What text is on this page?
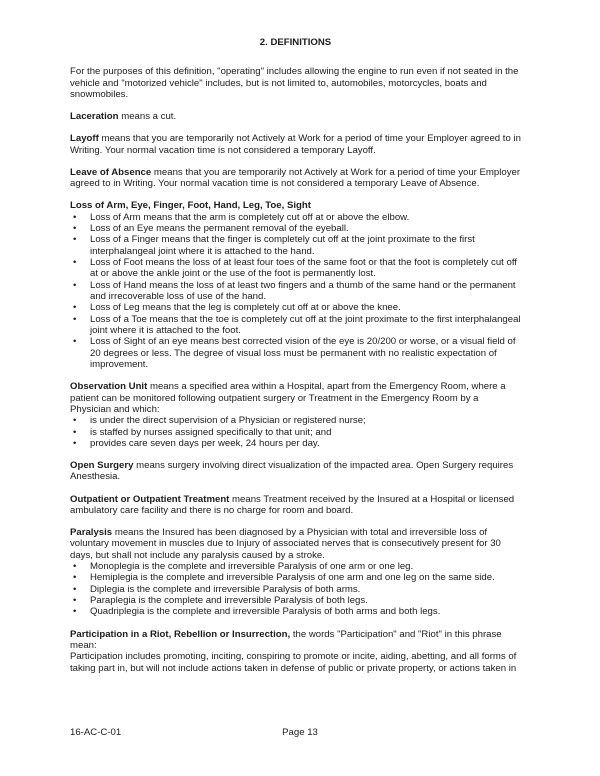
2. DEFINITIONS

For the purposes of this definition, "operating" includes allowing the engine to run even if not seated in the vehicle and "motorized vehicle" includes, but is not limited to, automobiles, motorcycles, boats and snowmobiles.

Laceration means a cut.

Layoff means that you are temporarily not Actively at Work for a period of time your Employer agreed to in Writing. Your normal vacation time is not considered a temporary Layoff.

Leave of Absence means that you are temporarily not Actively at Work for a period of time your Employer agreed to in Writing. Your normal vacation time is not considered a temporary Leave of Absence.

Loss of Arm, Eye, Finger, Foot, Hand, Leg, Toe, Sight

•	Loss of Arm means that the arm is completely cut off at or above the elbow.
•	Loss of an Eye means the permanent removal of the eyeball.
•	Loss of a Finger means that the finger is completely cut off at the joint proximate to the first interphalangeal joint where it is attached to the hand.
•	Loss of Foot means the loss of at least four toes of the same foot or that the foot is completely cut off at or above the ankle joint or the use of the foot is permanently lost.
•	Loss of Hand means the loss of at least two fingers and a thumb of the same hand or the permanent and irrecoverable loss of use of the hand.
•	Loss of Leg means that the leg is completely cut off at or above the knee.
•	Loss of a Toe means that the toe is completely cut off at the joint proximate to the first interphalangeal joint where it is attached to the foot.
•	Loss of Sight of an eye means best corrected vision of the eye is 20/200 or worse, or a visual field of 20 degrees or less. The degree of visual loss must be permanent with no realistic expectation of improvement.

Observation Unit means a specified area within a Hospital, apart from the Emergency Room, where a patient can be monitored following outpatient surgery or Treatment in the Emergency Room by a Physician and which:

•	is under the direct supervision of a Physician or registered nurse;
•	is staffed by nurses assigned specifically to that unit; and
•	provides care seven days per week, 24 hours per day.

Open Surgery means surgery involving direct visualization of the impacted area. Open Surgery requires Anesthesia.

Outpatient or Outpatient Treatment means Treatment received by the Insured at a Hospital or licensed ambulatory care facility and there is no charge for room and board.

Paralysis means the Insured has been diagnosed by a Physician with total and irreversible loss of voluntary movement in muscles due to Injury of associated nerves that is consecutively present for 30 days, but shall not include any paralysis caused by a stroke.

•	Monoplegia is the complete and irreversible Paralysis of one arm or one leg.
•	Hemiplegia is the complete and irreversible Paralysis of one arm and one leg on the same side.
•	Diplegia is the complete and irreversible Paralysis of both arms.
•	Paraplegia is the complete and irreversible Paralysis of both legs.
•	Quadriplegia is the complete and irreversible Paralysis of both arms and both legs.

Participation in a Riot, Rebellion or Insurrection, the words "Participation" and "Riot" in this phrase mean:

Participation includes promoting, inciting, conspiring to promote or incite, aiding, abetting, and all forms of taking part in, but will not include actions taken in defense of public or private property, or actions taken in

16-AC-C-01	Page 13
